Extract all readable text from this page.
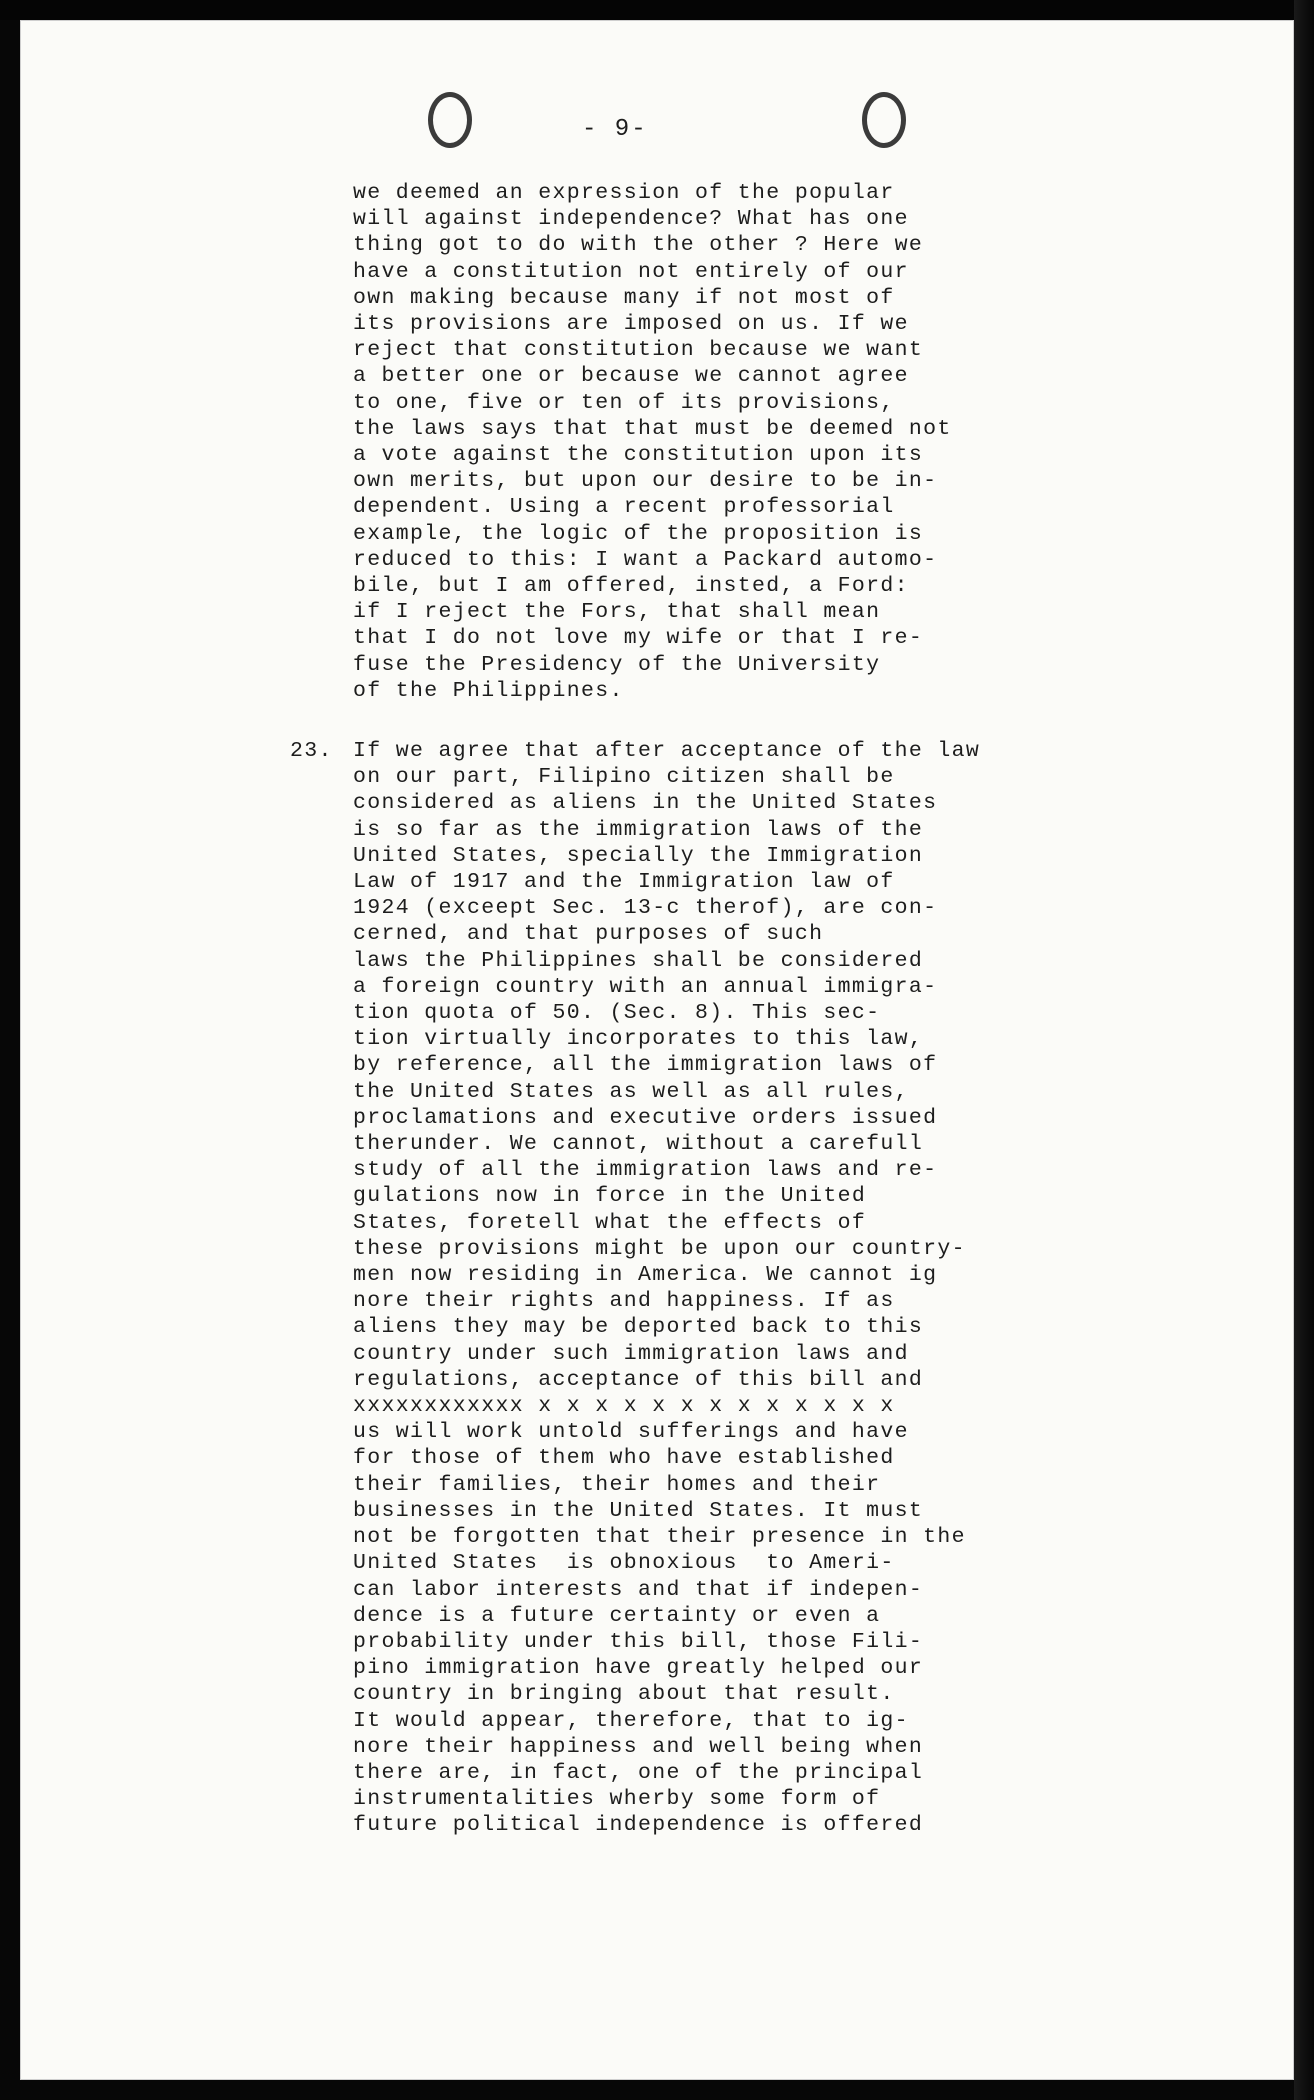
- 9-
we deemed an expression of the popular
will against independence? What has one
thing got to do with the other ? Here we
have a constitution not entirely of our
own making because many if not most of
its provisions are imposed on us. If we
reject that constitution because we want
a better one or because we cannot agree
to one, five or ten of its provisions,
the laws says that that must be deemed not
a vote against the constitution upon its
own merits, but upon our desire to be in-
dependent. Using a recent professorial
example, the logic of the proposition is
reduced to this: I want a Packard automo-
bile, but I am offered, insted, a Ford:
if I reject the Fors, that shall mean
that I do not love my wife or that I re-
fuse the Presidency of the University
of the Philippines.
23. If we agree that after acceptance of the law
on our part, Filipino citizen shall be
considered as aliens in the United States
is so far as the immigration laws of the
United States, specially the Immigration
Law of 1917 and the Immigration law of
1924 (exceept Sec. 13-c therof), are con-
cerned, and that purposes of such
laws the Philippines shall be considered
a foreign country with an annual immigra-
tion quota of 50. (Sec. 8). This sec-
tion virtually incorporates to this law,
by reference, all the immigration laws of
the United States as well as all rules,
proclamations and executive orders issued
therunder. We cannot, without a carefull
study of all the immigration laws and re-
gulations now in force in the United
States, foretell what the effects of
these provisions might be upon our country-
men now residing in America. We cannot ig
nore their rights and happiness. If as
aliens they may be deported back to this
country under such immigration laws and
regulations, acceptance of this bill and
xxxxxxxxxxxx x x x x x x x x x x x x x
us will work untold sufferings and have
for those of them who have established
their families, their homes and their
businesses in the United States. It must
not be forgotten that their presence in the
United States  is obnoxious  to Ameri-
can labor interests and that if indepen-
dence is a future certainty or even a
probability under this bill, those Fili-
pino immigration have greatly helped our
country in bringing about that result.
It would appear, therefore, that to ig-
nore their happiness and well being when
there are, in fact, one of the principal
instrumentalities wherby some form of
future political independence is offered
